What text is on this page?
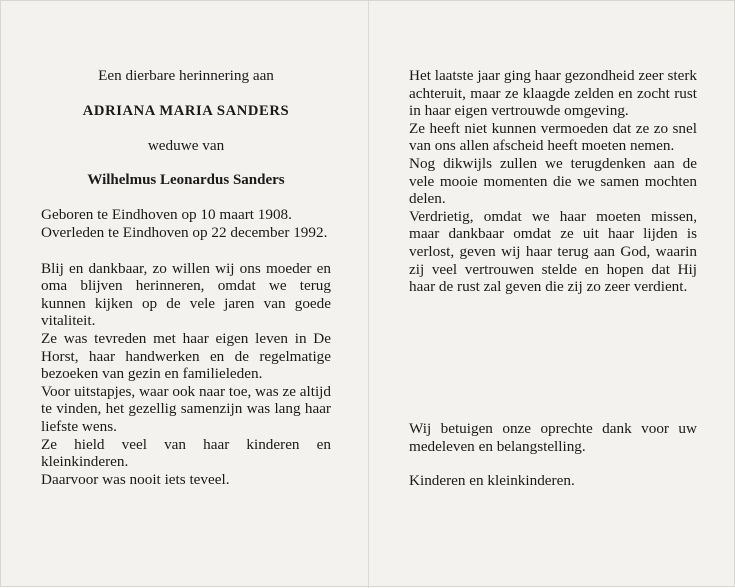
Een dierbare herinnering aan
ADRIANA MARIA SANDERS
weduwe van
Wilhelmus Leonardus Sanders
Geboren te Eindhoven op 10 maart 1908.
Overleden te Eindhoven op 22 december 1992.
Blij en dankbaar, zo willen wij ons moeder en oma blijven herinneren, omdat we terug kunnen kijken op de vele jaren van goede vitaliteit.
Ze was tevreden met haar eigen leven in De Horst, haar handwerken en de regelmatige bezoeken van gezin en familieleden.
Voor uitstapjes, waar ook naar toe, was ze altijd te vinden, het gezellig samenzijn was lang haar liefste wens.
Ze hield veel van haar kinderen en kleinkinderen.
Daarvoor was nooit iets teveel.
Het laatste jaar ging haar gezondheid zeer sterk achteruit, maar ze klaagde zelden en zocht rust in haar eigen vertrouwde omgeving.
Ze heeft niet kunnen vermoeden dat ze zo snel van ons allen afscheid heeft moeten nemen.
Nog dikwijls zullen we terugdenken aan de vele mooie momenten die we samen mochten delen.
Verdrietig, omdat we haar moeten missen, maar dankbaar omdat ze uit haar lijden is verlost, geven wij haar terug aan God, waarin zij veel vertrouwen stelde en hopen dat Hij haar de rust zal geven die zij zo zeer verdient.
Wij betuigen onze oprechte dank voor uw medeleven en belangstelling.
Kinderen en kleinkinderen.
